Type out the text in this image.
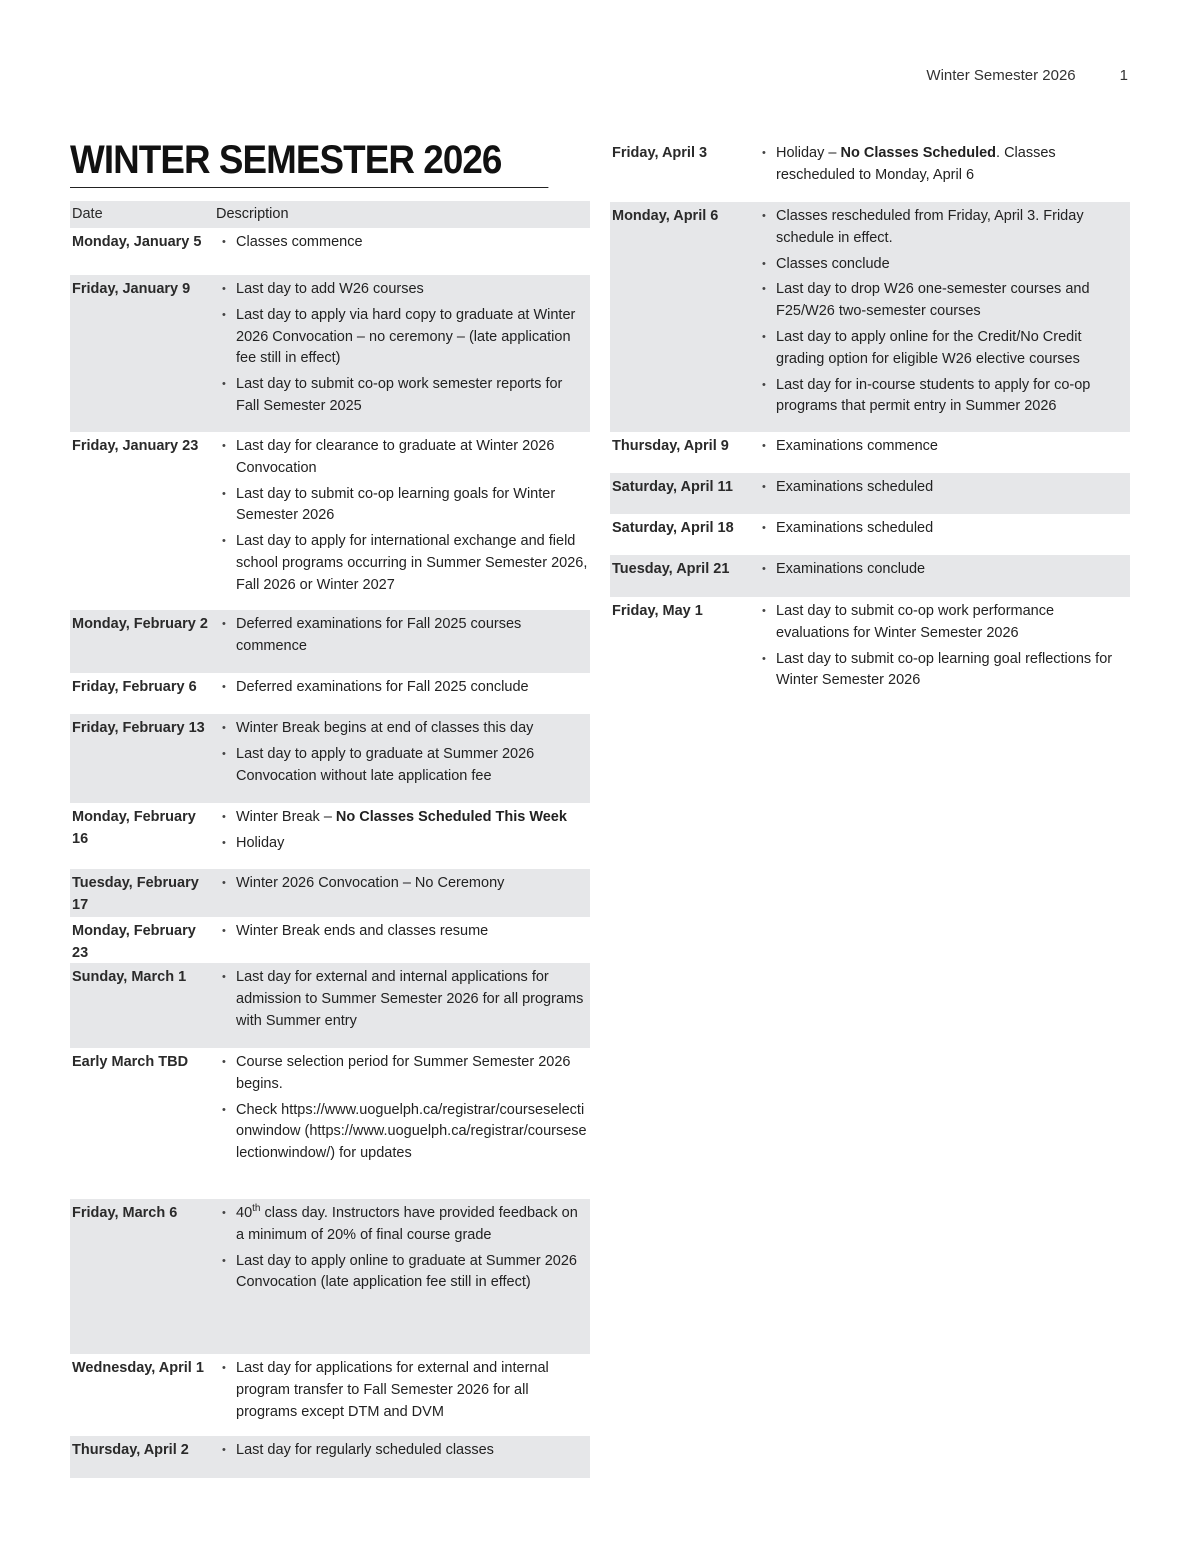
Winter Semester 2026	1
WINTER SEMESTER 2026
Date	Description
Monday, January 5	• Classes commence
Friday, January 9	• Last day to add W26 courses
• Last day to apply via hard copy to graduate at Winter 2026 Convocation – no ceremony – (late application fee still in effect)
• Last day to submit co-op work semester reports for Fall Semester 2025
Friday, January 23	• Last day for clearance to graduate at Winter 2026 Convocation
• Last day to submit co-op learning goals for Winter Semester 2026
• Last day to apply for international exchange and field school programs occurring in Summer Semester 2026, Fall 2026 or Winter 2027
Monday, February 2	• Deferred examinations for Fall 2025 courses commence
Friday, February 6	• Deferred examinations for Fall 2025 conclude
Friday, February 13	• Winter Break begins at end of classes this day
• Last day to apply to graduate at Summer 2026 Convocation without late application fee
Monday, February 16
• Winter Break – No Classes Scheduled This Week
• Holiday
Tuesday, February 17
• Winter 2026 Convocation – No Ceremony
Monday, February 23
• Winter Break ends and classes resume
Sunday, March 1	• Last day for external and internal applications for admission to Summer Semester 2026 for all programs with Summer entry
Early March TBD	• Course selection period for Summer Semester 2026 begins.
• Check https://www.uoguelph.ca/registrar/courseselectionwindow (https://www.uoguelph.ca/registrar/courseselectionwindow/) for updates
Friday, March 6	• 40th class day. Instructors have provided feedback on a minimum of 20% of final course grade
• Last day to apply online to graduate at Summer 2026 Convocation (late application fee still in effect)
Wednesday, April 1	• Last day for applications for external and internal program transfer to Fall Semester 2026 for all programs except DTM and DVM
Thursday, April 2	• Last day for regularly scheduled classes
Friday, April 3	• Holiday – No Classes Scheduled. Classes rescheduled to Monday, April 6
Monday, April 6	• Classes rescheduled from Friday, April 3. Friday schedule in effect.
• Classes conclude
• Last day to drop W26 one-semester courses and F25/W26 two-semester courses
• Last day to apply online for the Credit/No Credit grading option for eligible W26 elective courses
• Last day for in-course students to apply for co-op programs that permit entry in Summer 2026
Thursday, April 9	• Examinations commence
Saturday, April 11	• Examinations scheduled
Saturday, April 18	• Examinations scheduled
Tuesday, April 21	• Examinations conclude
Friday, May 1	• Last day to submit co-op work performance evaluations for Winter Semester 2026
• Last day to submit co-op learning goal reflections for Winter Semester 2026
